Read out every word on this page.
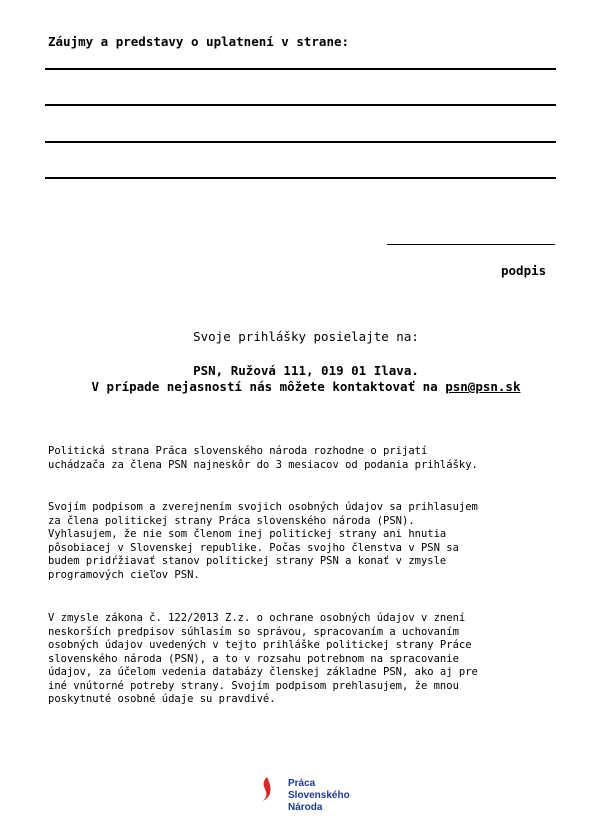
Záujmy a predstavy o uplatnení v strane:
podpis
Svoje prihlášky posielajte na:
PSN, Ružová 111, 019 01 Ilava.
V prípade nejasností nás môžete kontaktovať na psn@psn.sk
Politická strana Práca slovenského národa rozhodne o prijatí
uchádzača za člena PSN najneskôr do 3 mesiacov od podania prihlášky.
Svojím podpisom a zverejnením svojich osobných údajov sa prihlasujem
za člena politickej strany Práca slovenského národa (PSN).
Vyhlasujem, že nie som členom inej politickej strany ani hnutia
pôsobiacej v Slovenskej republike. Počas svojho členstva v PSN sa
budem pridŕžiavať stanov politickej strany PSN a konať v zmysle
programových cieľov PSN.
V zmysle zákona č. 122/2013 Z.z. o ochrane osobných údajov v znení
neskorších predpisov súhlasím so správou, spracovaním a uchovaním
osobných údajov uvedených v tejto prihláške politickej strany Práce
slovenského národa (PSN), a to v rozsahu potrebnom na spracovanie
údajov, za účelom vedenia databázy členskej základne PSN, ako aj pre
iné vnútorné potreby strany. Svojím podpisom prehlasujem, že mnou
poskytnuté osobné údaje su pravdivé.
Práca
Slovenského
Národa
